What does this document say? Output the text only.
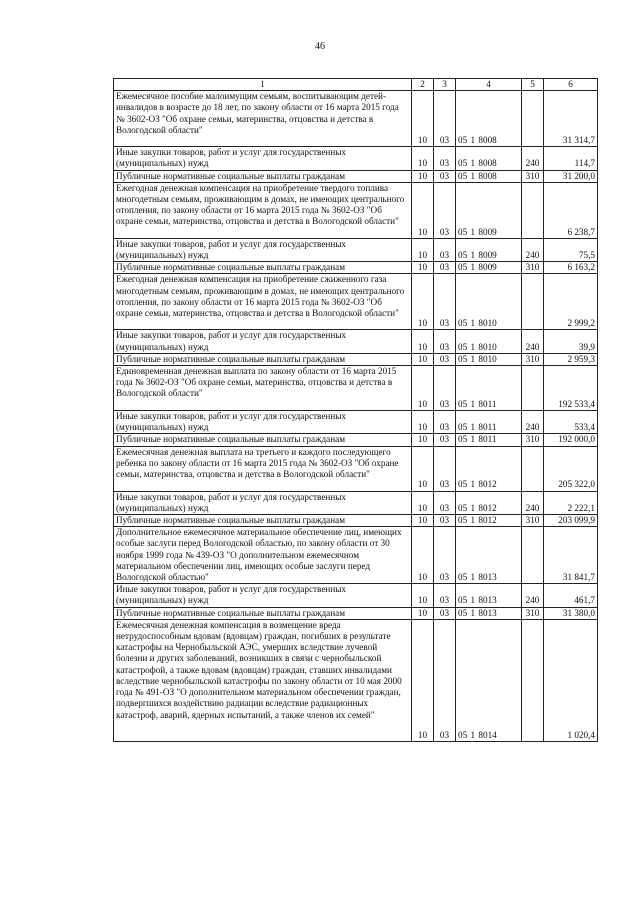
46
1	2	3	4	5	6
Ежемесячное пособие малоимущим семьям, воспитывающим детей-инвалидов в возрасте до 18 лет, по закону области от 16 марта 2015 года № 3602-ОЗ "Об охране семьи, материнства, отцовства и детства в Вологодской области"	10	03	05 1 8008		31 314,7
Иные закупки товаров, работ и услуг для государственных (муниципальных) нужд	10	03	05 1 8008	240	114,7
Публичные нормативные социальные выплаты гражданам	10	03	05 1 8008	310	31 200,0
Ежегодная денежная компенсация на приобретение твердого топлива многодетным семьям, проживающим в домах, не имеющих центрального отопления, по закону области от 16 марта 2015 года № 3602-ОЗ "Об охране семьи, материнства, отцовства и детства в Вологодской области"	10	03	05 1 8009		6 238,7
Иные закупки товаров, работ и услуг для государственных (муниципальных) нужд	10	03	05 1 8009	240	75,5
Публичные нормативные социальные выплаты гражданам	10	03	05 1 8009	310	6 163,2
Ежегодная денежная компенсация на приобретение сжиженного газа многодетным семьям, проживающим в домах, не имеющих центрального отопления, по закону области от 16 марта 2015 года № 3602-ОЗ "Об охране семьи, материнства, отцовства и детства в Вологодской области"	10	03	05 1 8010		2 999,2
Иные закупки товаров, работ и услуг для государственных (муниципальных) нужд	10	03	05 1 8010	240	39,9
Публичные нормативные социальные выплаты гражданам	10	03	05 1 8010	310	2 959,3
Единовременная денежная выплата по закону области от 16 марта 2015 года № 3602-ОЗ "Об охране семьи, материнства, отцовства и детства в Вологодской области"	10	03	05 1 8011		192 533,4
Иные закупки товаров, работ и услуг для государственных (муниципальных) нужд	10	03	05 1 8011	240	533,4
Публичные нормативные социальные выплаты гражданам	10	03	05 1 8011	310	192 000,0
Ежемесячная денежная выплата на третьего и каждого последующего ребенка по закону области от 16 марта 2015 года № 3602-ОЗ "Об охране семьи, материнства, отцовства и детства в Вологодской области"	10	03	05 1 8012		205 322,0
Иные закупки товаров, работ и услуг для государственных (муниципальных) нужд	10	03	05 1 8012	240	2 222,1
Публичные нормативные социальные выплаты гражданам	10	03	05 1 8012	310	203 099,9
Дополнительное ежемесячное материальное обеспечение лиц, имеющих особые заслуги перед Вологодской областью, по закону области от 30 ноября 1999 года № 439-ОЗ "О дополнительном ежемесячном материальном обеспечении лиц, имеющих особые заслуги перед Вологодской областью"	10	03	05 1 8013		31 841,7
Иные закупки товаров, работ и услуг для государственных (муниципальных) нужд	10	03	05 1 8013	240	461,7
Публичные нормативные социальные выплаты гражданам	10	03	05 1 8013	310	31 380,0
Ежемесячная денежная компенсация в возмещение вреда нетрудоспособным вдовам (вдовцам) граждан, погибших в результате катастрофы на Чернобыльской АЭС, умерших вследствие лучевой болезни и других заболеваний, возникших в связи с чернобыльской катастрофой, а также вдовам (вдовцам) граждан, ставших инвалидами вследствие чернобыльской катастрофы по закону области от 10 мая 2000 года № 491-ОЗ "О дополнительном материальном обеспечении граждан, подвергшихся воздействию радиации вследствие радиационных катастроф, аварий, ядерных испытаний, а также членов их семей"	10	03	05 1 8014		1 020,4
